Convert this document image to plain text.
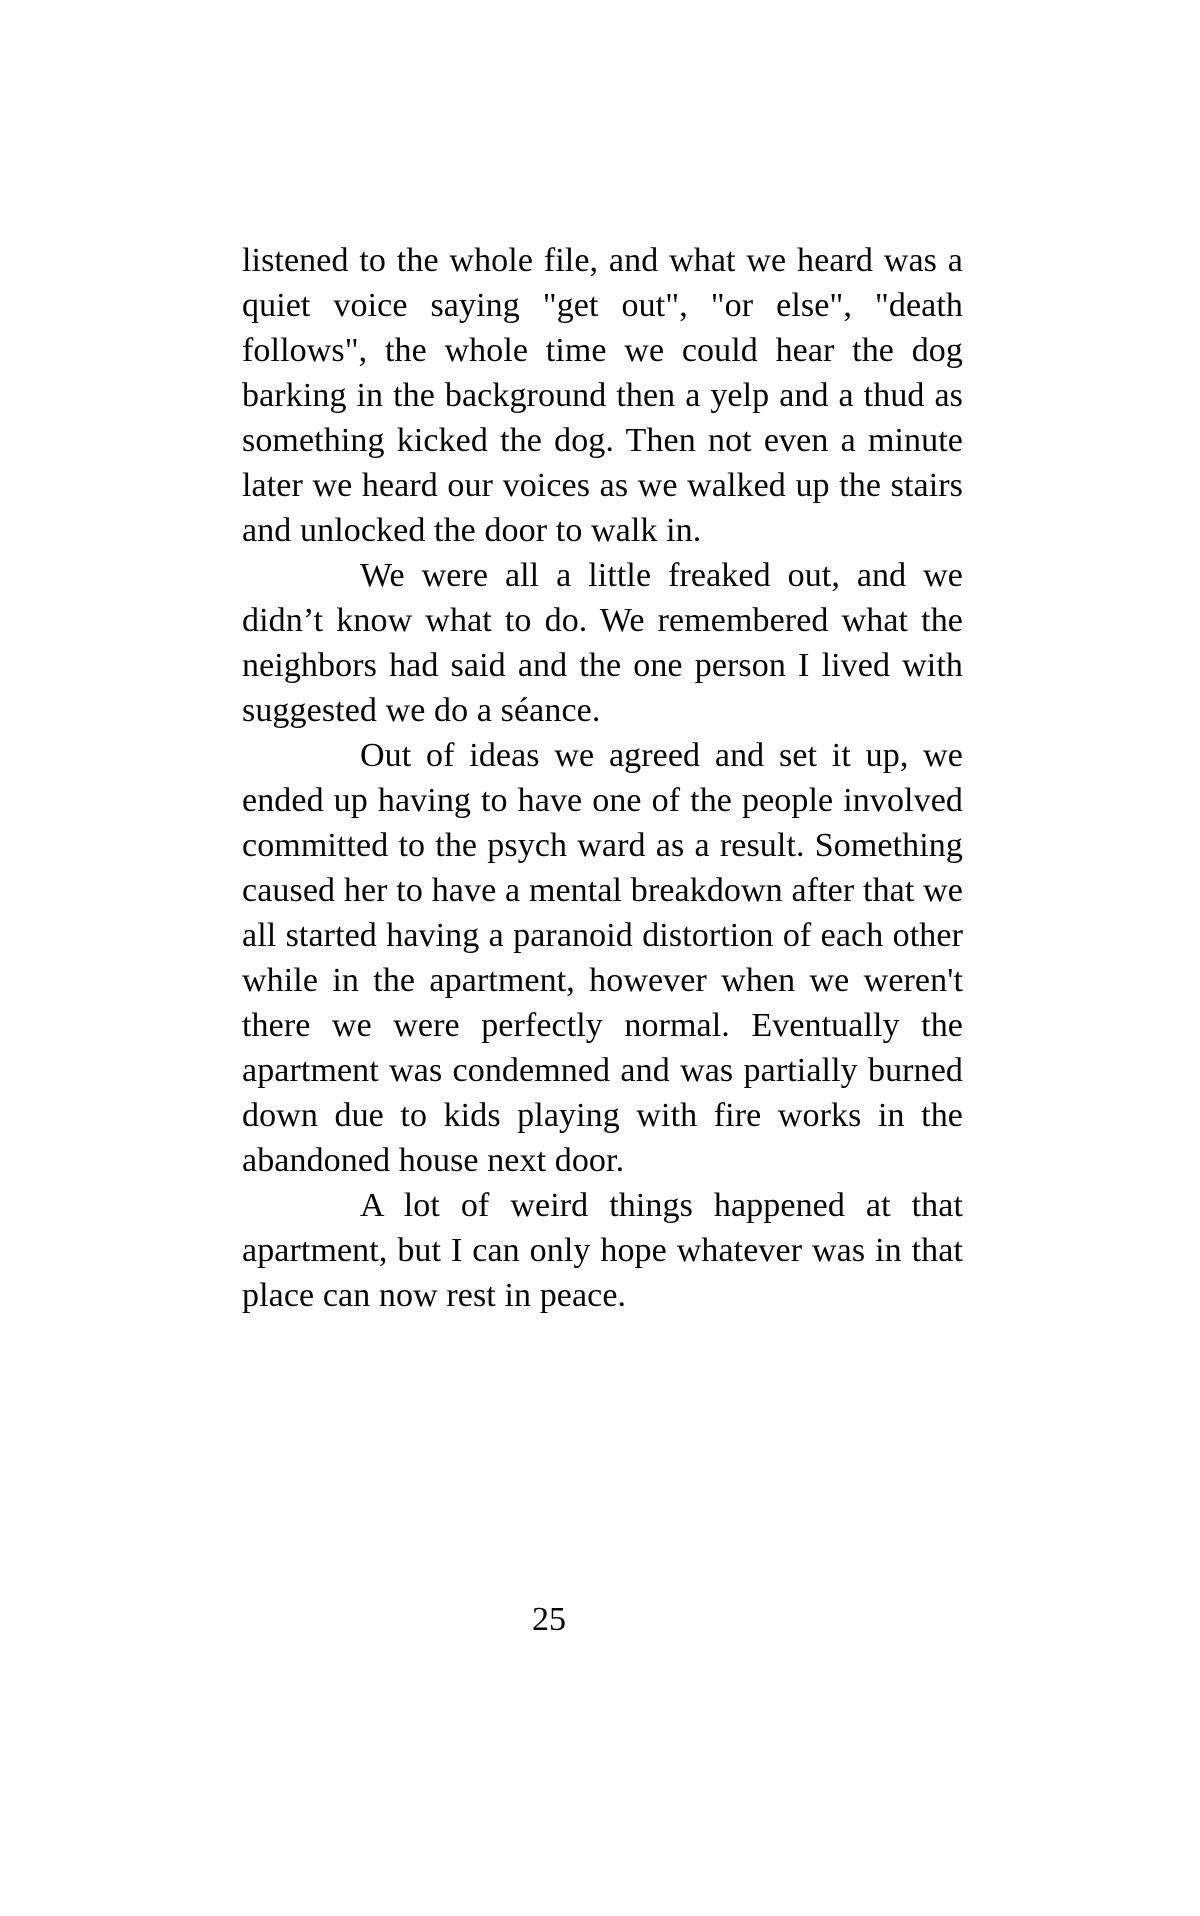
listened to the whole file, and what we heard was a quiet voice saying "get out", "or else", "death follows", the whole time we could hear the dog barking in the background then a yelp and a thud as something kicked the dog. Then not even a minute later we heard our voices as we walked up the stairs and unlocked the door to walk in.

We were all a little freaked out, and we didn’t know what to do. We remembered what the neighbors had said and the one person I lived with suggested we do a séance.

Out of ideas we agreed and set it up, we ended up having to have one of the people involved committed to the psych ward as a result. Something caused her to have a mental breakdown after that we all started having a paranoid distortion of each other while in the apartment, however when we weren't there we were perfectly normal. Eventually the apartment was condemned and was partially burned down due to kids playing with fire works in the abandoned house next door.

A lot of weird things happened at that apartment, but I can only hope whatever was in that place can now rest in peace.

25
